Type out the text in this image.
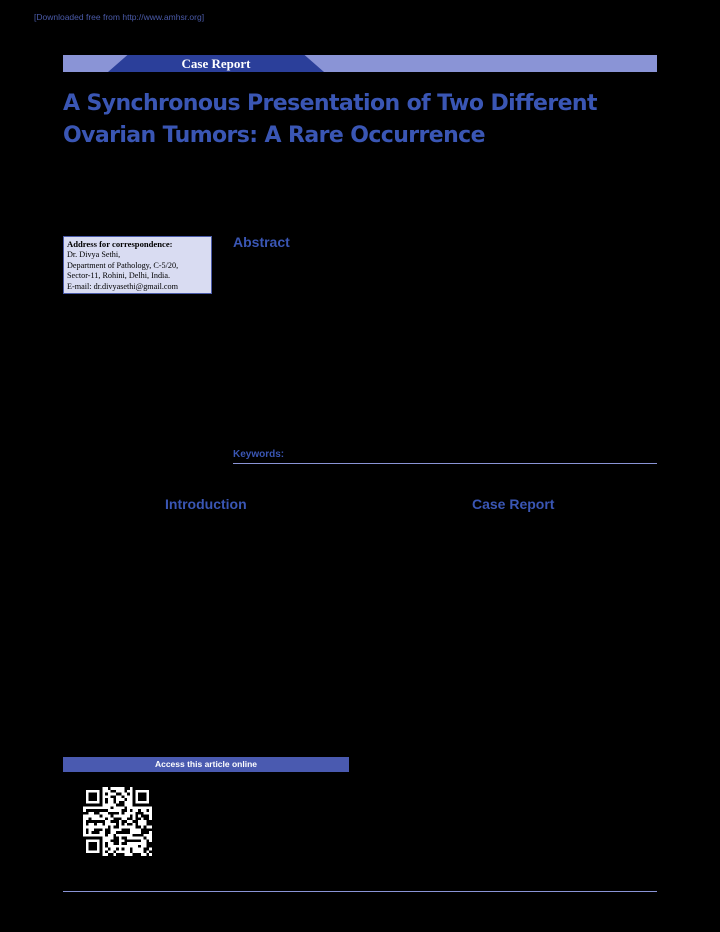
[Downloaded free from http://www.amhsr.org]
Case Report
A Synchronous Presentation of Two Different
Ovarian Tumors: A Rare Occurrence
Address for correspondence:
Dr. Divya Sethi,
Department of Pathology, C-5/20,
Sector-11, Rohini, Delhi, India.
E-mail: dr.divyasethi@gmail.com
Abstract
Keywords:
Introduction	Case Report
Access this article online
